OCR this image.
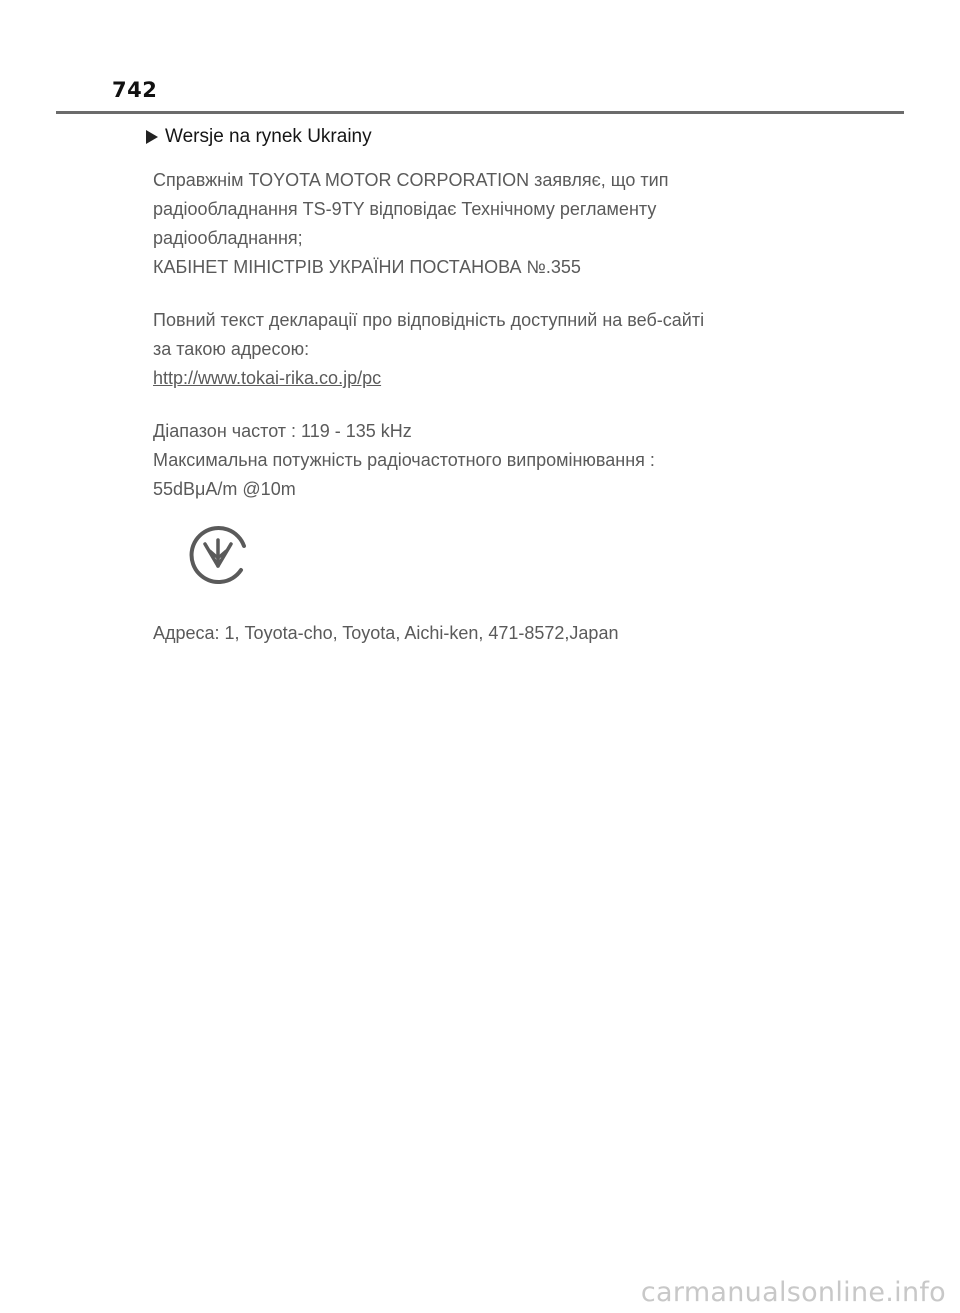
742
Wersje na rynek Ukrainy

Справжнім TOYOTA MOTOR CORPORATION заявляє, що тип

радіообладнання TS-9TY відповідає Технічному регламенту

радіообладнання;

КАБІНЕТ МІНІСТРІВ УКРАЇНИ ПОСТАНОВА №.355

Повний текст декларації про відповідність доступний на веб-сайті

за такою адресою:

http://www.tokai-rika.co.jp/pc

Діапазон частот : 119 - 135 kHz

Максимальна потужність радіочастотного випромінювання :

55dBμA/m @10m

Адреса: 1, Toyota-cho, Toyota, Aichi-ken, 471-8572,Japan
carmanualsonline.info
